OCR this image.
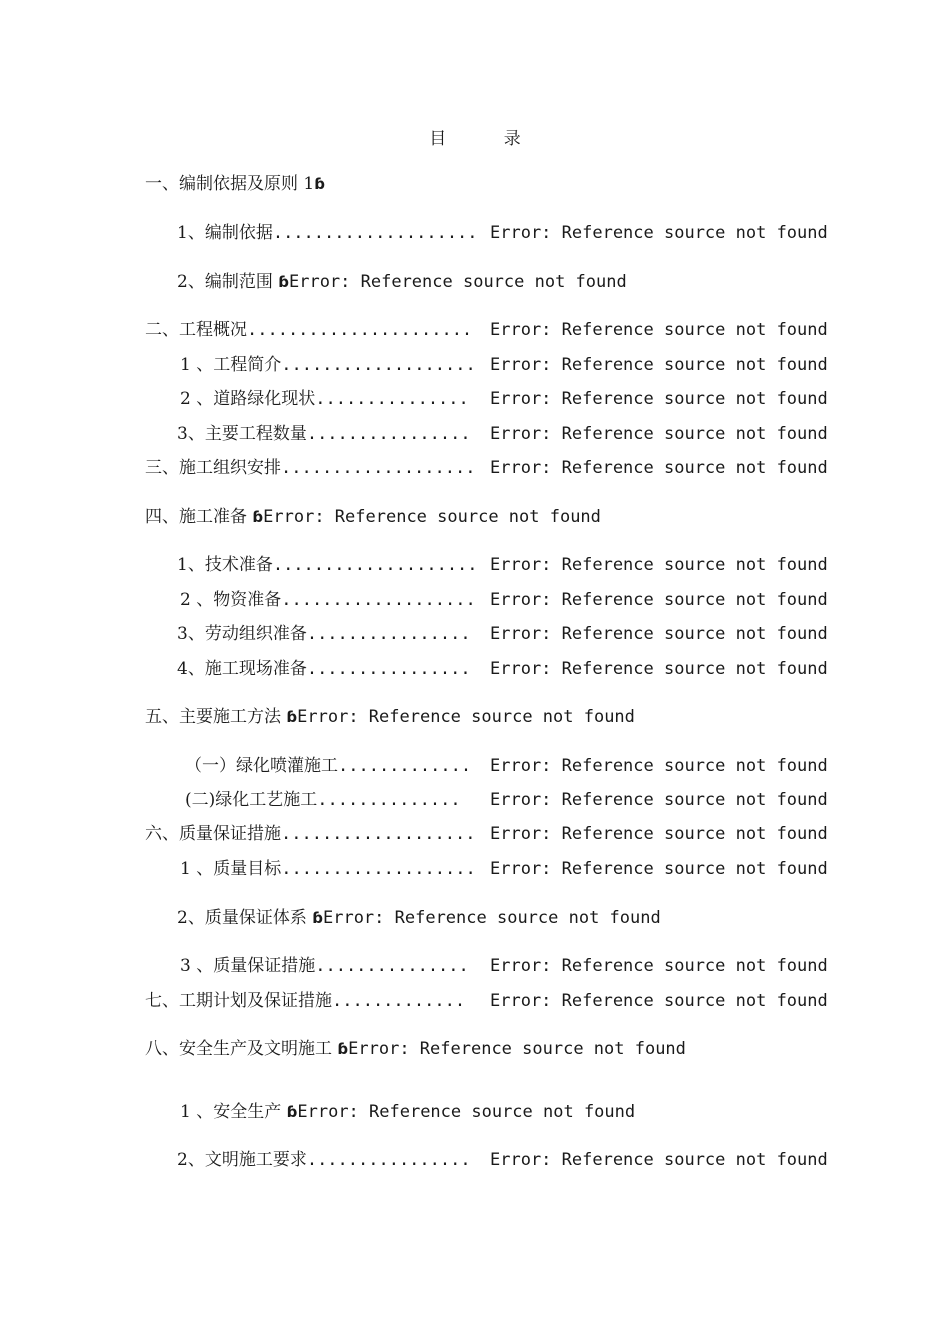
目 录
一、编制依据及原则 1ɓ
1、编制依据.................... Error: Reference source not found
2、编制范围 ɓError: Reference source not found
二、工程概况...................... Error: Reference source not found
1 、工程简介................... Error: Reference source not found
2 、道路绿化现状............... Error: Reference source not found
3、主要工程数量................ Error: Reference source not found
三、施工组织安排................... Error: Reference source not found
四、施工准备 ɓError: Reference source not found
1、技术准备.................... Error: Reference source not found
2 、物资准备................... Error: Reference source not found
3、劳动组织准备................ Error: Reference source not found
4、施工现场准备................ Error: Reference source not found
五、主要施工方法 ɓError: Reference source not found
（一）绿化喷灌施工............. Error: Reference source not found
(二)绿化工艺施工.............. Error: Reference source not found
六、质量保证措施................... Error: Reference source not found
1 、质量目标................... Error: Reference source not found
2、质量保证体系 ɓError: Reference source not found
3 、质量保证措施............... Error: Reference source not found
七、工期计划及保证措施............. Error: Reference source not found
八、安全生产及文明施工 ɓError: Reference source not found
1 、安全生产 ɓError: Reference source not found
2、文明施工要求................ Error: Reference source not found
